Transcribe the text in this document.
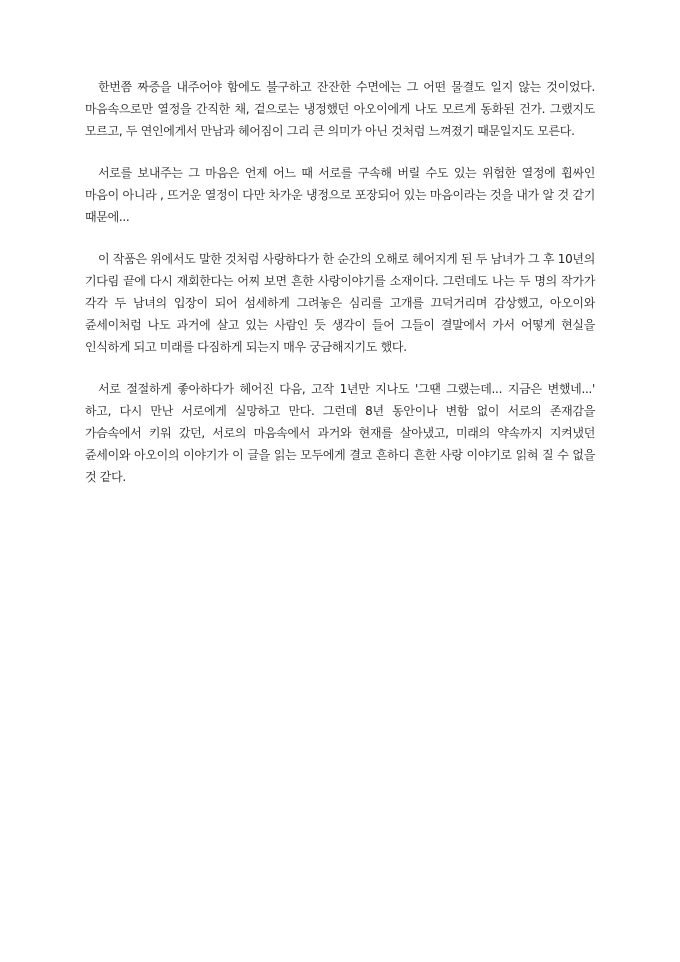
한번쯤 짜증을 내주어야 함에도 불구하고 잔잔한 수면에는 그 어떤 물결도 일지 않는 것이었다. 마음속으로만 열정을 간직한 채, 겉으로는 냉정했던 아오이에게 나도 모르게 동화된 건가. 그랬지도 모르고, 두 연인에게서 만남과 헤어짐이 그리 큰 의미가 아닌 것처럼 느껴졌기 때문일지도 모른다.

서로를 보내주는 그 마음은 언제 어느 때 서로를 구속해 버릴 수도 있는 위험한 열정에 휩싸인 마음이 아니라 , 뜨거운 열정이 다만 차가운 냉정으로 포장되어 있는 마음이라는 것을 내가 알 것 같기 때문에...

이 작품은 위에서도 말한 것처럼 사랑하다가 한 순간의 오해로 헤어지게 된 두 남녀가 그 후 10년의 기다림 끝에 다시 재회한다는 어찌 보면 흔한 사랑이야기를 소재이다. 그런데도 나는 두 명의 작가가 각각 두 남녀의 입장이 되어 섬세하게 그려놓은 심리를 고개를 끄덕거리며 감상했고, 아오이와 쥰세이처럼 나도 과거에 살고 있는 사람인 듯 생각이 들어 그들이 결말에서 가서 어떻게 현실을 인식하게 되고 미래를 다짐하게 되는지 매우 궁금해지기도 했다.

서로 절절하게 좋아하다가 헤어진 다음, 고작 1년만 지나도 '그땐 그랬는데... 지금은 변했네...' 하고, 다시 만난 서로에게 실망하고 만다. 그런데 8년 동안이나 변함 없이 서로의 존재감을 가슴속에서 키워 갔던, 서로의 마음속에서 과거와 현재를 살아냈고, 미래의 약속까지 지켜냈던 쥰세이와 아오이의 이야기가 이 글을 읽는 모두에게 결코 흔하디 흔한 사랑 이야기로 읽혀 질 수 없을 것 같다.
